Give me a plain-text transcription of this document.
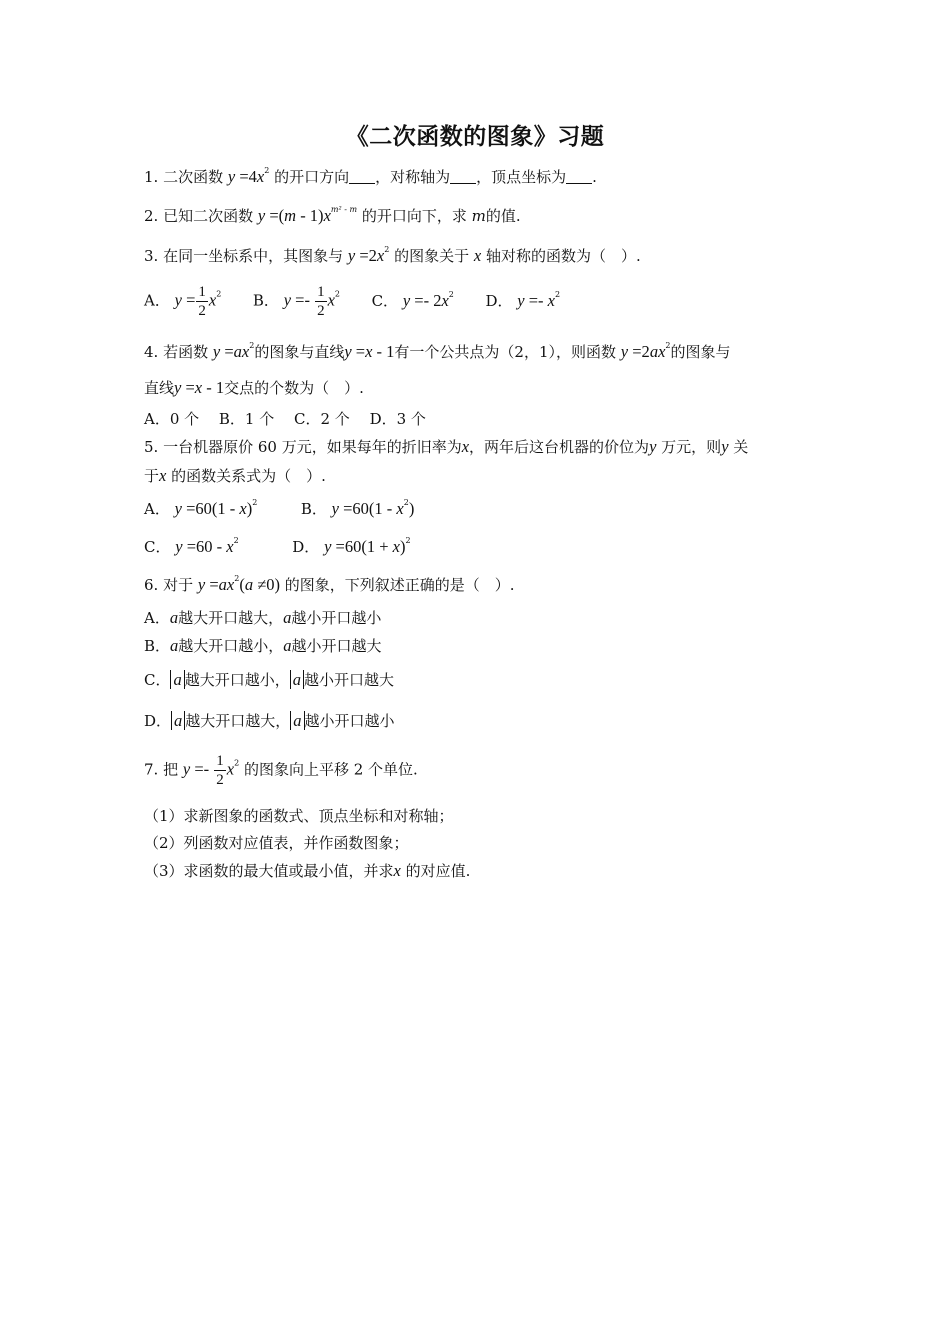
《二次函数的图象》习题
1. 二次函数 $y =4x^2$ 的开口方向 ，对称轴为 ，顶点坐标为 .
2. 已知二次函数 $y =(m - 1)x^{m^2 - m}$ 的开口向下，求 m的值.
3. 在同一坐标系中，其图象与 $y =2x^2$ 的图象关于 x 轴对称的函数为（　）.
A． $y = \frac{1}{2} x^2$ B． $y =- \frac{1}{2} x^2$ C． $y =- 2x^2$ D． $y =- x^2$
4. 若函数 $y =ax^2$的图象与直线y =x - 1有一个公共点为（2，1），则函数 $y =2ax^2$的图象与
直线y =x - 1交点的个数为（　）.
A．0 个　 B．1 个　 C．2 个　 D．3 个
5. 一台机器原价 60 万元，如果每年的折旧率为x，两年后这台机器的价位为y 万元，则y 关
于x 的函数关系式为（　）.
A． y =60(1 - x)$^2$	B． $y =60(1 - x^2)$
C． $y =60 - x^2$	D． $y =60(1 + x)^2$
6. 对于 $y =ax^2(a \ne 0)$ 的图象，下列叙述正确的是（　）.
A．a越大开口越大，a越小开口越小
B．a越大开口越小，a越小开口越大
C． a 越大开口越小， a 越小开口越大
D． a 越大开口越大， a 越小开口越小
7. 把 $y =- \frac{1}{2} x^2$ 的图象向上平移 2 个单位.
（1）求新图象的函数式、顶点坐标和对称轴；
（2）列函数对应值表，并作函数图象；
（3）求函数的最大值或最小值，并求x 的对应值.
